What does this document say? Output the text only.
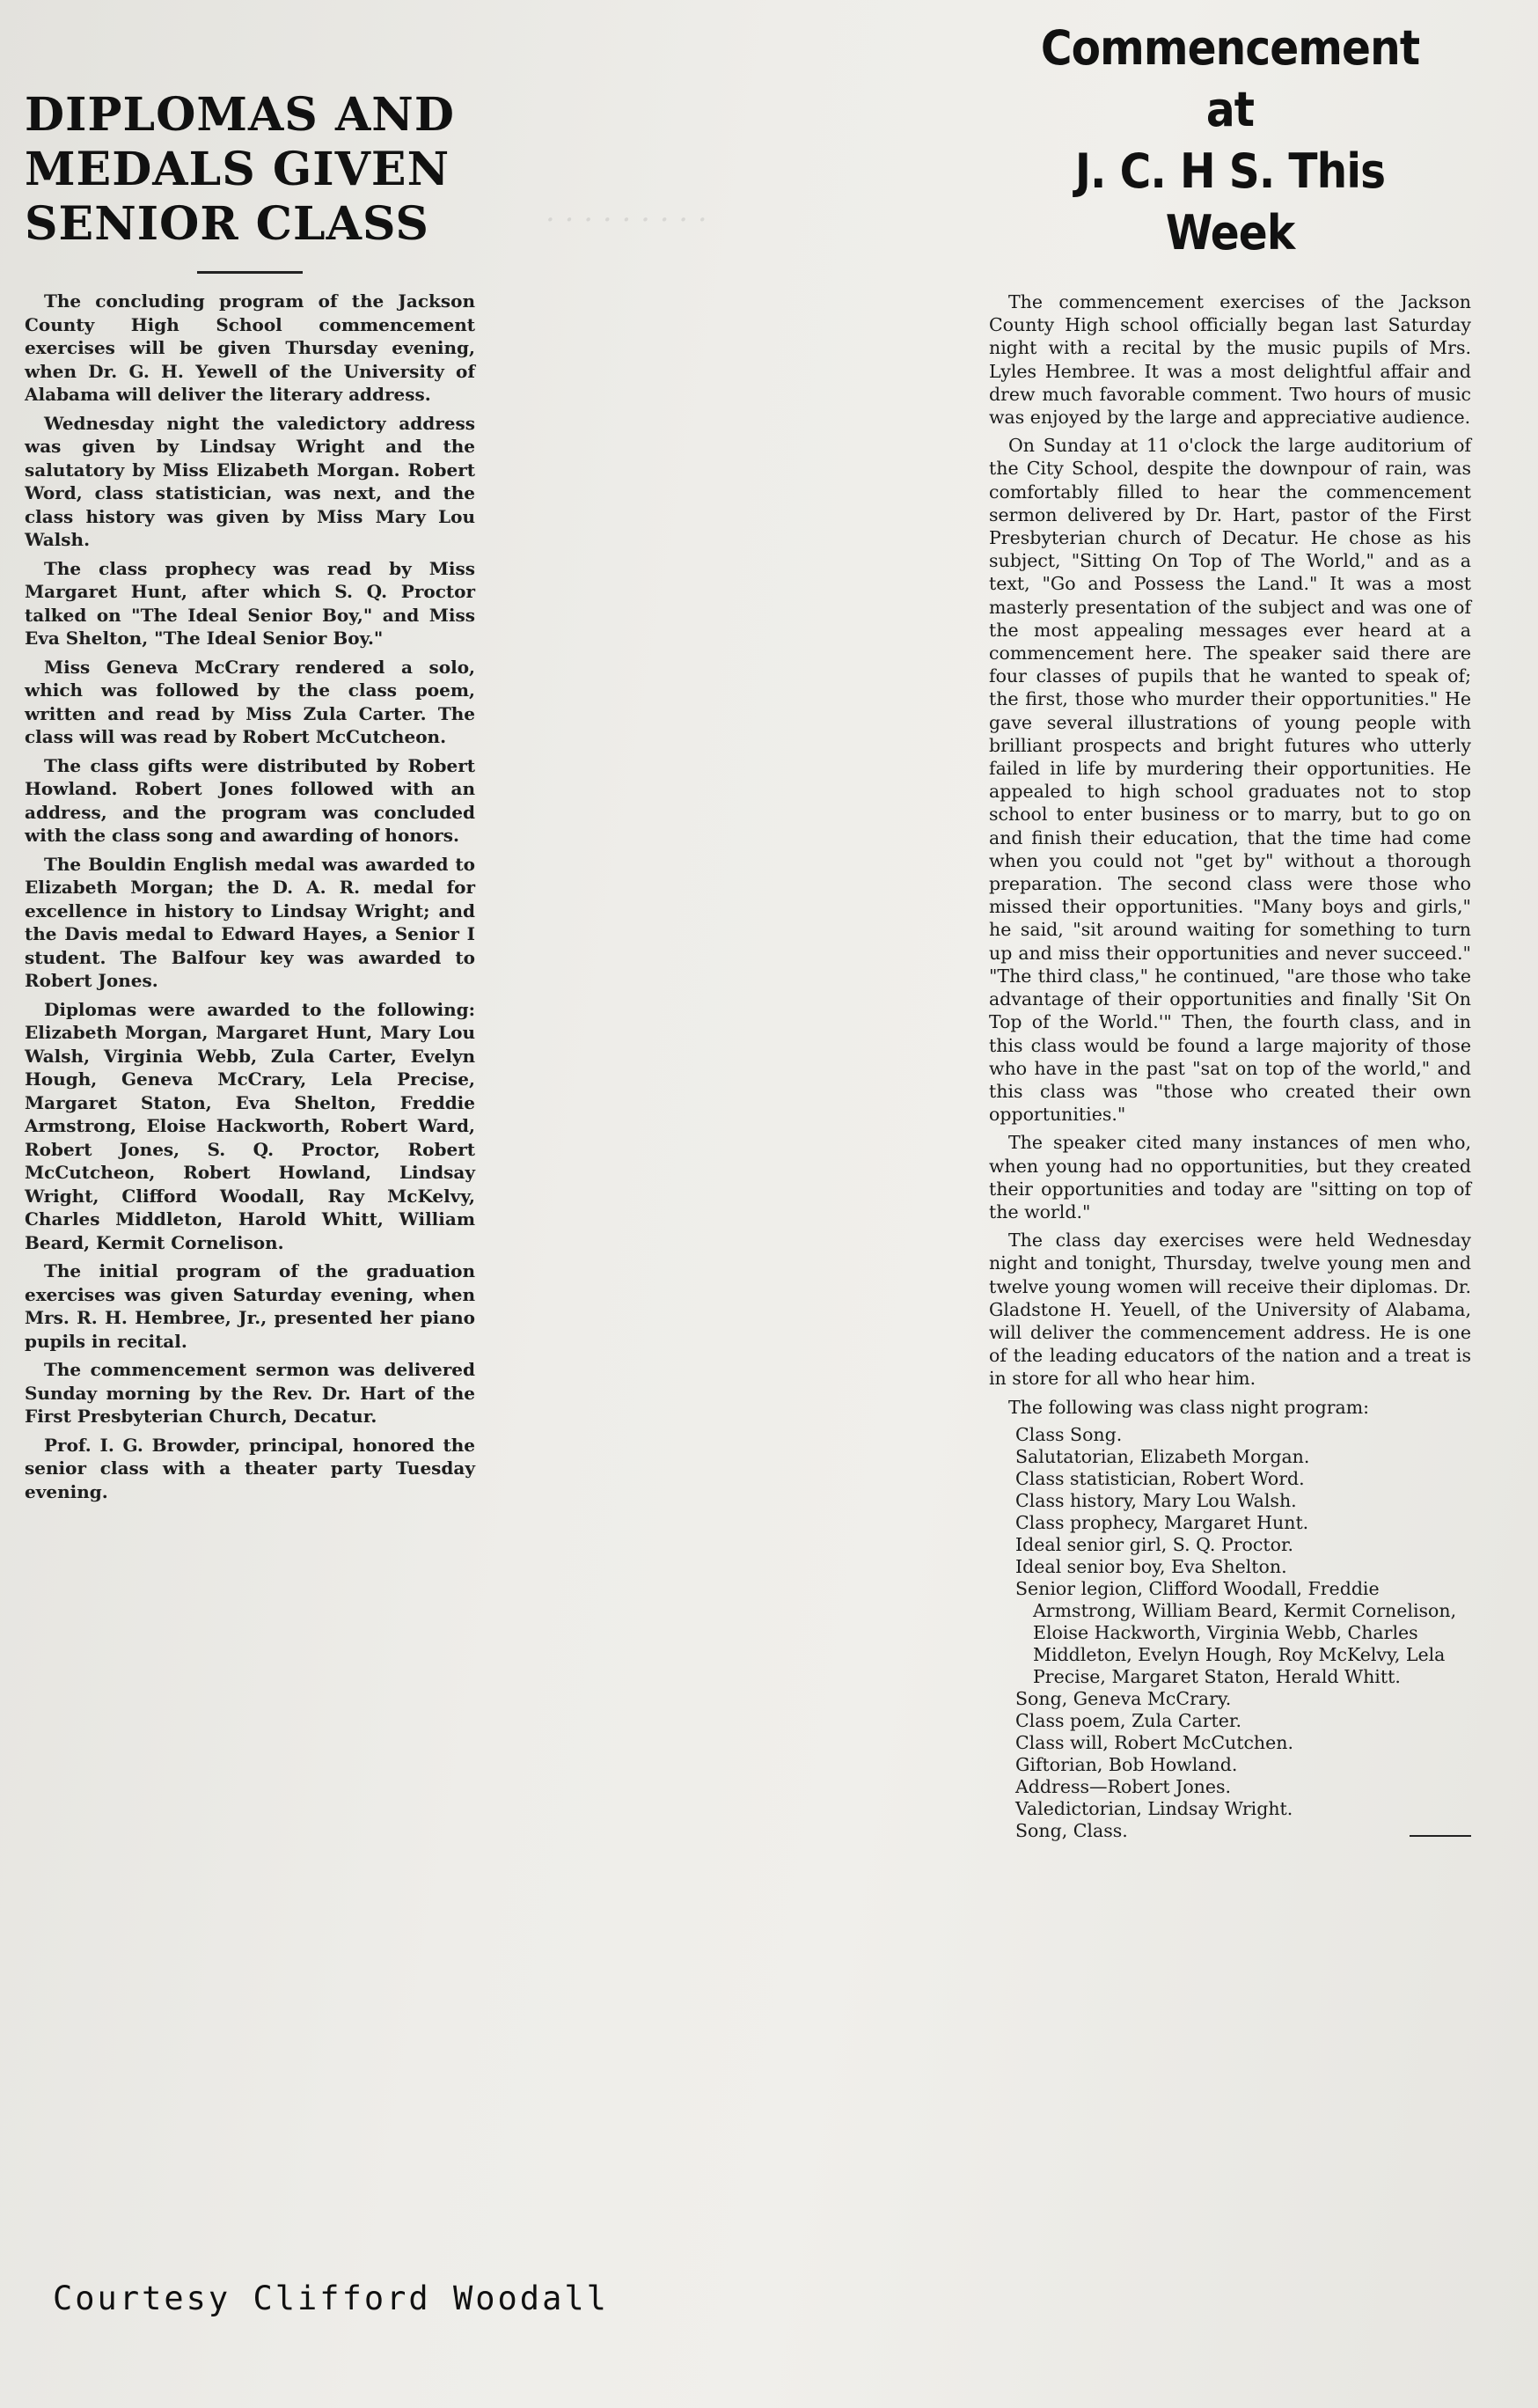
· · · · · · · · ·
DIPLOMAS AND
MEDALS GIVEN
SENIOR CLASS

The concluding program of the Jackson County High School commencement exercises will be given Thursday evening, when Dr. G. H. Yewell of the University of Alabama will deliver the literary address.

Wednesday night the valedictory address was given by Lindsay Wright and the salutatory by Miss Elizabeth Morgan. Robert Word, class statistician, was next, and the class history was given by Miss Mary Lou Walsh.

The class prophecy was read by Miss Margaret Hunt, after which S. Q. Proctor talked on "The Ideal Senior Boy," and Miss Eva Shelton, "The Ideal Senior Boy."

Miss Geneva McCrary rendered a solo, which was followed by the class poem, written and read by Miss Zula Carter. The class will was read by Robert McCutcheon.

The class gifts were distributed by Robert Howland. Robert Jones followed with an address, and the program was concluded with the class song and awarding of honors.

The Bouldin English medal was awarded to Elizabeth Morgan; the D. A. R. medal for excellence in history to Lindsay Wright; and the Davis medal to Edward Hayes, a Senior I student. The Balfour key was awarded to Robert Jones.

Diplomas were awarded to the following: Elizabeth Morgan, Margaret Hunt, Mary Lou Walsh, Virginia Webb, Zula Carter, Evelyn Hough, Geneva McCrary, Lela Precise, Margaret Staton, Eva Shelton, Freddie Armstrong, Eloise Hackworth, Robert Ward, Robert Jones, S. Q. Proctor, Robert McCutcheon, Robert Howland, Lindsay Wright, Clifford Woodall, Ray McKelvy, Charles Middleton, Harold Whitt, William Beard, Kermit Cornelison.

The initial program of the graduation exercises was given Saturday evening, when Mrs. R. H. Hembree, Jr., presented her piano pupils in recital.

The commencement sermon was delivered Sunday morning by the Rev. Dr. Hart of the First Presbyterian Church, Decatur.

Prof. I. G. Browder, principal, honored the senior class with a theater party Tuesday evening.

Commencement at
J. C. H S. This Week

The commencement exercises of the Jackson County High school officially began last Saturday night with a recital by the music pupils of Mrs. Lyles Hembree. It was a most delightful affair and drew much favorable comment. Two hours of music was enjoyed by the large and appreciative audience.

On Sunday at 11 o'clock the large auditorium of the City School, despite the downpour of rain, was comfortably filled to hear the commencement sermon delivered by Dr. Hart, pastor of the First Presbyterian church of Decatur. He chose as his subject, "Sitting On Top of The World," and as a text, "Go and Possess the Land." It was a most masterly presentation of the subject and was one of the most appealing messages ever heard at a commencement here. The speaker said there are four classes of pupils that he wanted to speak of; the first, those who murder their opportunities." He gave several illustrations of young people with brilliant prospects and bright futures who utterly failed in life by murdering their opportunities. He appealed to high school graduates not to stop school to enter business or to marry, but to go on and finish their education, that the time had come when you could not "get by" without a thorough preparation. The second class were those who missed their opportunities. "Many boys and girls," he said, "sit around waiting for something to turn up and miss their opportunities and never succeed." "The third class," he continued, "are those who take advantage of their opportunities and finally 'Sit On Top of the World.'" Then, the fourth class, and in this class would be found a large majority of those who have in the past "sat on top of the world," and this class was "those who created their own opportunities."

The speaker cited many instances of men who, when young had no opportunities, but they created their opportunities and today are "sitting on top of the world."

The class day exercises were held Wednesday night and tonight, Thursday, twelve young men and twelve young women will receive their diplomas. Dr. Gladstone H. Yeuell, of the University of Alabama, will deliver the commencement address. He is one of the leading educators of the nation and a treat is in store for all who hear him.

The following was class night program:

Class Song.
Salutatorian, Elizabeth Morgan.
Class statistician, Robert Word.
Class history, Mary Lou Walsh.
Class prophecy, Margaret Hunt.
Ideal senior girl, S. Q. Proctor.
Ideal senior boy, Eva Shelton.
Senior legion, Clifford Woodall, Freddie Armstrong, William Beard, Kermit Cornelison, Eloise Hackworth, Virginia Webb, Charles Middleton, Evelyn Hough, Roy McKelvy, Lela Precise, Margaret Staton, Herald Whitt.
Song, Geneva McCrary.
Class poem, Zula Carter.
Class will, Robert McCutchen.
Giftorian, Bob Howland.
Address—Robert Jones.
Valedictorian, Lindsay Wright.
Song, Class.

Courtesy Clifford Woodall
